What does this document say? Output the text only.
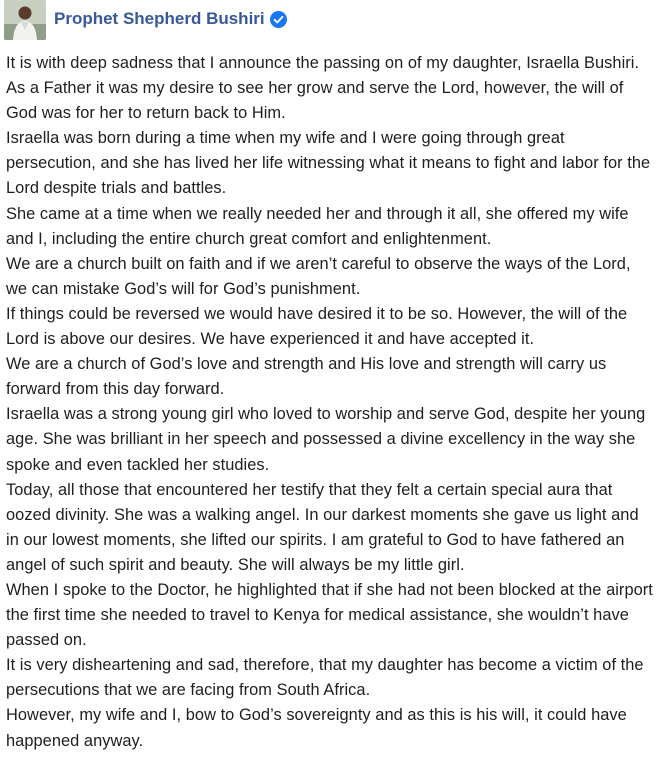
Prophet Shepherd Bushiri

It is with deep sadness that I announce the passing on of my daughter, Israella Bushiri.

As a Father it was my desire to see her grow and serve the Lord, however, the will of God was for her to return back to Him.

Israella was born during a time when my wife and I were going through great persecution, and she has lived her life witnessing what it means to fight and labor for the Lord despite trials and battles.

She came at a time when we really needed her and through it all, she offered my wife and I, including the entire church great comfort and enlightenment.

We are a church built on faith and if we aren’t careful to observe the ways of the Lord, we can mistake God’s will for God’s punishment.

If things could be reversed we would have desired it to be so. However, the will of the Lord is above our desires. We have experienced it and have accepted it.

We are a church of God’s love and strength and His love and strength will carry us forward from this day forward.

Israella was a strong young girl who loved to worship and serve God, despite her young age. She was brilliant in her speech and possessed a divine excellency in the way she spoke and even tackled her studies.

Today, all those that encountered her testify that they felt a certain special aura that oozed divinity. She was a walking angel. In our darkest moments she gave us light and in our lowest moments, she lifted our spirits. I am grateful to God to have fathered an angel of such spirit and beauty. She will always be my little girl.

When I spoke to the Doctor, he highlighted that if she had not been blocked at the airport the first time she needed to travel to Kenya for medical assistance, she wouldn’t have passed on.

It is very disheartening and sad, therefore, that my daughter has become a victim of the persecutions that we are facing from South Africa.

However, my wife and I, bow to God’s sovereignty and as this is his will, it could have happened anyway.
